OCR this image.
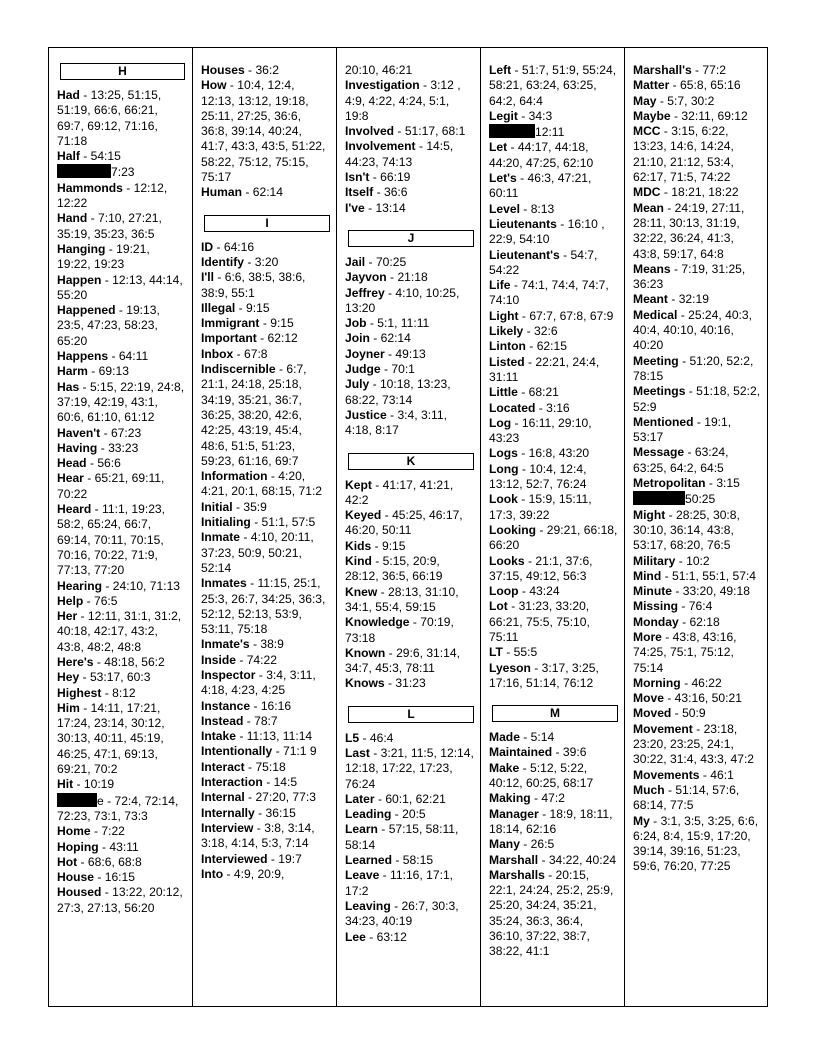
H
Had - 13:25, 51:15, 51:19, 66:6, 66:21, 69:7, 69:12, 71:16, 71:18
Half - 54:15
7:23
Hammonds - 12:12, 12:22
Hand - 7:10, 27:21, 35:19, 35:23, 36:5
Hanging - 19:21, 19:22, 19:23
Happen - 12:13, 44:14, 55:20
Happened - 19:13, 23:5, 47:23, 58:23, 65:20
Happens - 64:11
Harm - 69:13
Has - 5:15, 22:19, 24:8, 37:19, 42:19, 43:1, 60:6, 61:10, 61:12
Haven't - 67:23
Having - 33:23
Head - 56:6
Hear - 65:21, 69:11, 70:22
Heard - 11:1, 19:23, 58:2, 65:24, 66:7, 69:14, 70:11, 70:15, 70:16, 70:22, 71:9, 77:13, 77:20
Hearing - 24:10, 71:13
Help - 76:5
Her - 12:11, 31:1, 31:2, 40:18, 42:17, 43:2, 43:8, 48:2, 48:8
Here's - 48:18, 56:2
Hey - 53:17, 60:3
Highest - 8:12
Him - 14:11, 17:21, 17:24, 23:14, 30:12, 30:13, 40:11, 45:19, 46:25, 47:1, 69:13, 69:21, 70:2
Hit - 10:19
e - 72:4, 72:14, 72:23, 73:1, 73:3
Home - 7:22
Hoping - 43:11
Hot - 68:6, 68:8
House - 16:15
Housed - 13:22, 20:12, 27:3, 27:13, 56:20
Houses - 36:2
How - 10:4, 12:4, 12:13, 13:12, 19:18, 25:11, 27:25, 36:6, 36:8, 39:14, 40:24, 41:7, 43:3, 43:5, 51:22, 58:22, 75:12, 75:15, 75:17
Human - 62:14
I
ID - 64:16
Identify - 3:20
I'll - 6:6, 38:5, 38:6, 38:9, 55:1
Illegal - 9:15
Immigrant - 9:15
Important - 62:12
Inbox - 67:8
Indiscernible - 6:7, 21:1, 24:18, 25:18, 34:19, 35:21, 36:7, 36:25, 38:20, 42:6, 42:25, 43:19, 45:4, 48:6, 51:5, 51:23, 59:23, 61:16, 69:7
Information - 4:20, 4:21, 20:1, 68:15, 71:2
Initial - 35:9
Initialing - 51:1, 57:5
Inmate - 4:10, 20:11, 37:23, 50:9, 50:21, 52:14
Inmates - 11:15, 25:1, 25:3, 26:7, 34:25, 36:3, 52:12, 52:13, 53:9, 53:11, 75:18
Inmate's - 38:9
Inside - 74:22
Inspector - 3:4, 3:11, 4:18, 4:23, 4:25
Instance - 16:16
Instead - 78:7
Intake - 11:13, 11:14
Intentionally - 71:1 9
Interact - 75:18
Interaction - 14:5
Internal - 27:20, 77:3
Internally - 36:15
Interview - 3:8, 3:14, 3:18, 4:14, 5:3, 7:14
Interviewed - 19:7
Into - 4:9, 20:9,
20:10, 46:21
Investigation - 3:12 , 4:9, 4:22, 4:24, 5:1, 19:8
Involved - 51:17, 68:1
Involvement - 14:5, 44:23, 74:13
Isn't - 66:19
Itself - 36:6
I've - 13:14
J
Jail - 70:25
Jayvon - 21:18
Jeffrey - 4:10, 10:25, 13:20
Job - 5:1, 11:11
Join - 62:14
Joyner - 49:13
Judge - 70:1
July - 10:18, 13:23, 68:22, 73:14
Justice - 3:4, 3:11, 4:18, 8:17
K
Kept - 41:17, 41:21, 42:2
Keyed - 45:25, 46:17, 46:20, 50:11
Kids - 9:15
Kind - 5:15, 20:9, 28:12, 36:5, 66:19
Knew - 28:13, 31:10, 34:1, 55:4, 59:15
Knowledge - 70:19, 73:18
Known - 29:6, 31:14, 34:7, 45:3, 78:11
Knows - 31:23
L
L5 - 46:4
Last - 3:21, 11:5, 12:14, 12:18, 17:22, 17:23, 76:24
Later - 60:1, 62:21
Leading - 20:5
Learn - 57:15, 58:11, 58:14
Learned - 58:15
Leave - 11:16, 17:1, 17:2
Leaving - 26:7, 30:3, 34:23, 40:19
Lee - 63:12
Left - 51:7, 51:9, 55:24, 58:21, 63:24, 63:25, 64:2, 64:4
Legit - 34:3
12:11
Let - 44:17, 44:18, 44:20, 47:25, 62:10
Let's - 46:3, 47:21, 60:11
Level - 8:13
Lieutenants - 16:10 , 22:9, 54:10
Lieutenant's - 54:7, 54:22
Life - 74:1, 74:4, 74:7, 74:10
Light - 67:7, 67:8, 67:9
Likely - 32:6
Linton - 62:15
Listed - 22:21, 24:4, 31:11
Little - 68:21
Located - 3:16
Log - 16:11, 29:10, 43:23
Logs - 16:8, 43:20
Long - 10:4, 12:4, 13:12, 52:7, 76:24
Look - 15:9, 15:11, 17:3, 39:22
Looking - 29:21, 66:18, 66:20
Looks - 21:1, 37:6, 37:15, 49:12, 56:3
Loop - 43:24
Lot - 31:23, 33:20, 66:21, 75:5, 75:10, 75:11
LT - 55:5
Lyeson - 3:17, 3:25, 17:16, 51:14, 76:12
M
Made - 5:14
Maintained - 39:6
Make - 5:12, 5:22, 40:12, 60:25, 68:17
Making - 47:2
Manager - 18:9, 18:11, 18:14, 62:16
Many - 26:5
Marshall - 34:22, 40:24
Marshalls - 20:15, 22:1, 24:24, 25:2, 25:9, 25:20, 34:24, 35:21, 35:24, 36:3, 36:4, 36:10, 37:22, 38:7, 38:22, 41:1
Marshall's - 77:2
Matter - 65:8, 65:16
May - 5:7, 30:2
Maybe - 32:11, 69:12
MCC - 3:15, 6:22, 13:23, 14:6, 14:24, 21:10, 21:12, 53:4, 62:17, 71:5, 74:22
MDC - 18:21, 18:22
Mean - 24:19, 27:11, 28:11, 30:13, 31:19, 32:22, 36:24, 41:3, 43:8, 59:17, 64:8
Means - 7:19, 31:25, 36:23
Meant - 32:19
Medical - 25:24, 40:3, 40:4, 40:10, 40:16, 40:20
Meeting - 51:20, 52:2, 78:15
Meetings - 51:18, 52:2, 52:9
Mentioned - 19:1, 53:17
Message - 63:24, 63:25, 64:2, 64:5
Metropolitan - 3:15
50:25
Might - 28:25, 30:8, 30:10, 36:14, 43:8, 53:17, 68:20, 76:5
Military - 10:2
Mind - 51:1, 55:1, 57:4
Minute - 33:20, 49:18
Missing - 76:4
Monday - 62:18
More - 43:8, 43:16, 74:25, 75:1, 75:12, 75:14
Morning - 46:22
Move - 43:16, 50:21
Moved - 50:9
Movement - 23:18, 23:20, 23:25, 24:1, 30:22, 31:4, 43:3, 47:2
Movements - 46:1
Much - 51:14, 57:6, 68:14, 77:5
My - 3:1, 3:5, 3:25, 6:6, 6:24, 8:4, 15:9, 17:20, 39:14, 39:16, 51:23, 59:6, 76:20, 77:25
